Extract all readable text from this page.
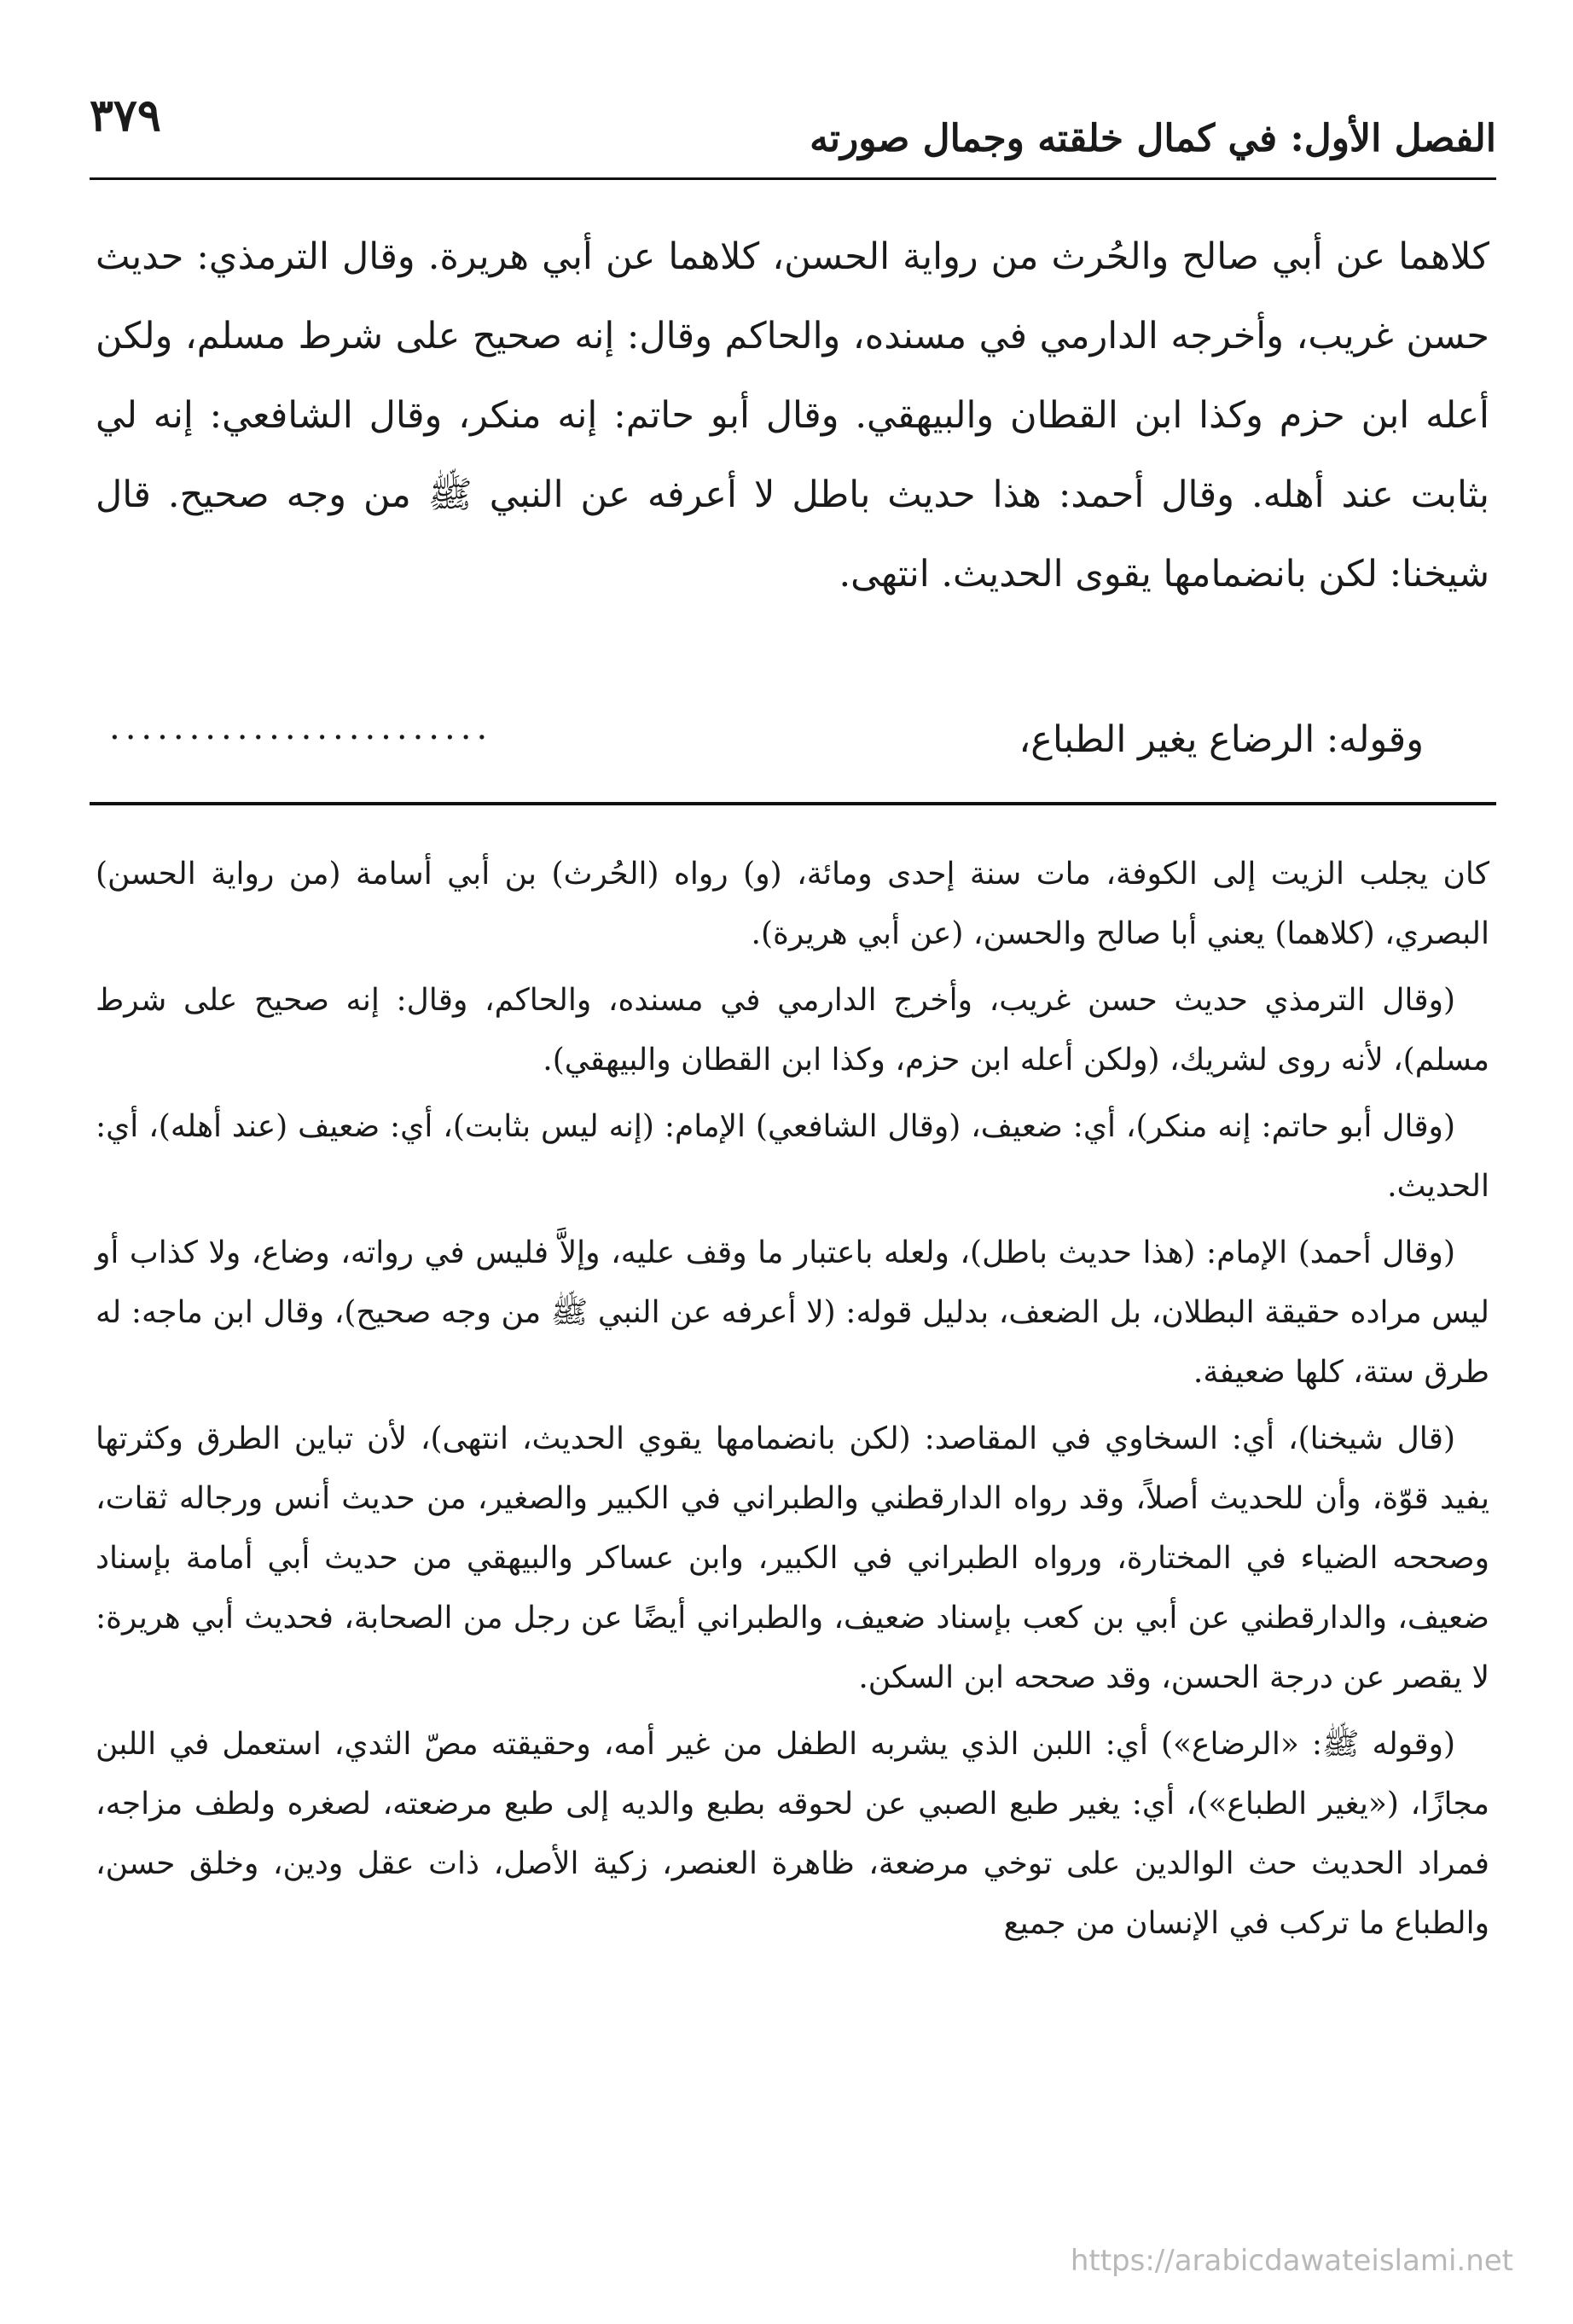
الفصل الأول: في كمال خلقته وجمال صورته
٣٧٩

كلاهما عن أبي صالح والحُرث من رواية الحسن، كلاهما عن أبي هريرة. وقال الترمذي: حديث حسن غريب، وأخرجه الدارمي في مسنده، والحاكم وقال: إنه صحيح على شرط مسلم، ولكن أعله ابن حزم وكذا ابن القطان والبيهقي. وقال أبو حاتم: إنه منكر، وقال الشافعي: إنه لي بثابت عند أهله. وقال أحمد: هذا حديث باطل لا أعرفه عن النبي ﷺ من وجه صحيح. قال شيخنا: لكن بانضمامها يقوى الحديث. انتهى.

وقوله: الرضاع يغير الطباع،
........................

كان يجلب الزيت إلى الكوفة، مات سنة إحدى ومائة، (و) رواه (الحُرث) بن أبي أسامة (من رواية الحسن) البصري، (كلاهما) يعني أبا صالح والحسن، (عن أبي هريرة).

(وقال الترمذي حديث حسن غريب، وأخرج الدارمي في مسنده، والحاكم، وقال: إنه صحيح على شرط مسلم)، لأنه روى لشريك، (ولكن أعله ابن حزم، وكذا ابن القطان والبيهقي).

(وقال أبو حاتم: إنه منكر)، أي: ضعيف، (وقال الشافعي) الإمام: (إنه ليس بثابت)، أي: ضعيف (عند أهله)، أي: الحديث.

(وقال أحمد) الإمام: (هذا حديث باطل)، ولعله باعتبار ما وقف عليه، وإلاَّ فليس في رواته، وضاع، ولا كذاب أو ليس مراده حقيقة البطلان، بل الضعف، بدليل قوله: (لا أعرفه عن النبي ﷺ من وجه صحيح)، وقال ابن ماجه: له طرق ستة، كلها ضعيفة.

(قال شيخنا)، أي: السخاوي في المقاصد: (لكن بانضمامها يقوي الحديث، انتهى)، لأن تباين الطرق وكثرتها يفيد قوّة، وأن للحديث أصلاً، وقد رواه الدارقطني والطبراني في الكبير والصغير، من حديث أنس ورجاله ثقات، وصححه الضياء في المختارة، ورواه الطبراني في الكبير، وابن عساكر والبيهقي من حديث أبي أمامة بإسناد ضعيف، والدارقطني عن أبي بن كعب بإسناد ضعيف، والطبراني أيضًا عن رجل من الصحابة، فحديث أبي هريرة: لا يقصر عن درجة الحسن، وقد صححه ابن السكن.

(وقوله ﷺ: «الرضاع») أي: اللبن الذي يشربه الطفل من غير أمه، وحقيقته مصّ الثدي، استعمل في اللبن مجازًا، («يغير الطباع»)، أي: يغير طبع الصبي عن لحوقه بطبع والديه إلى طبع مرضعته، لصغره ولطف مزاجه، فمراد الحديث حث الوالدين على توخي مرضعة، ظاهرة العنصر، زكية الأصل، ذات عقل ودين، وخلق حسن، والطباع ما تركب في الإنسان من جميع

https://arabicdawateislami.net
